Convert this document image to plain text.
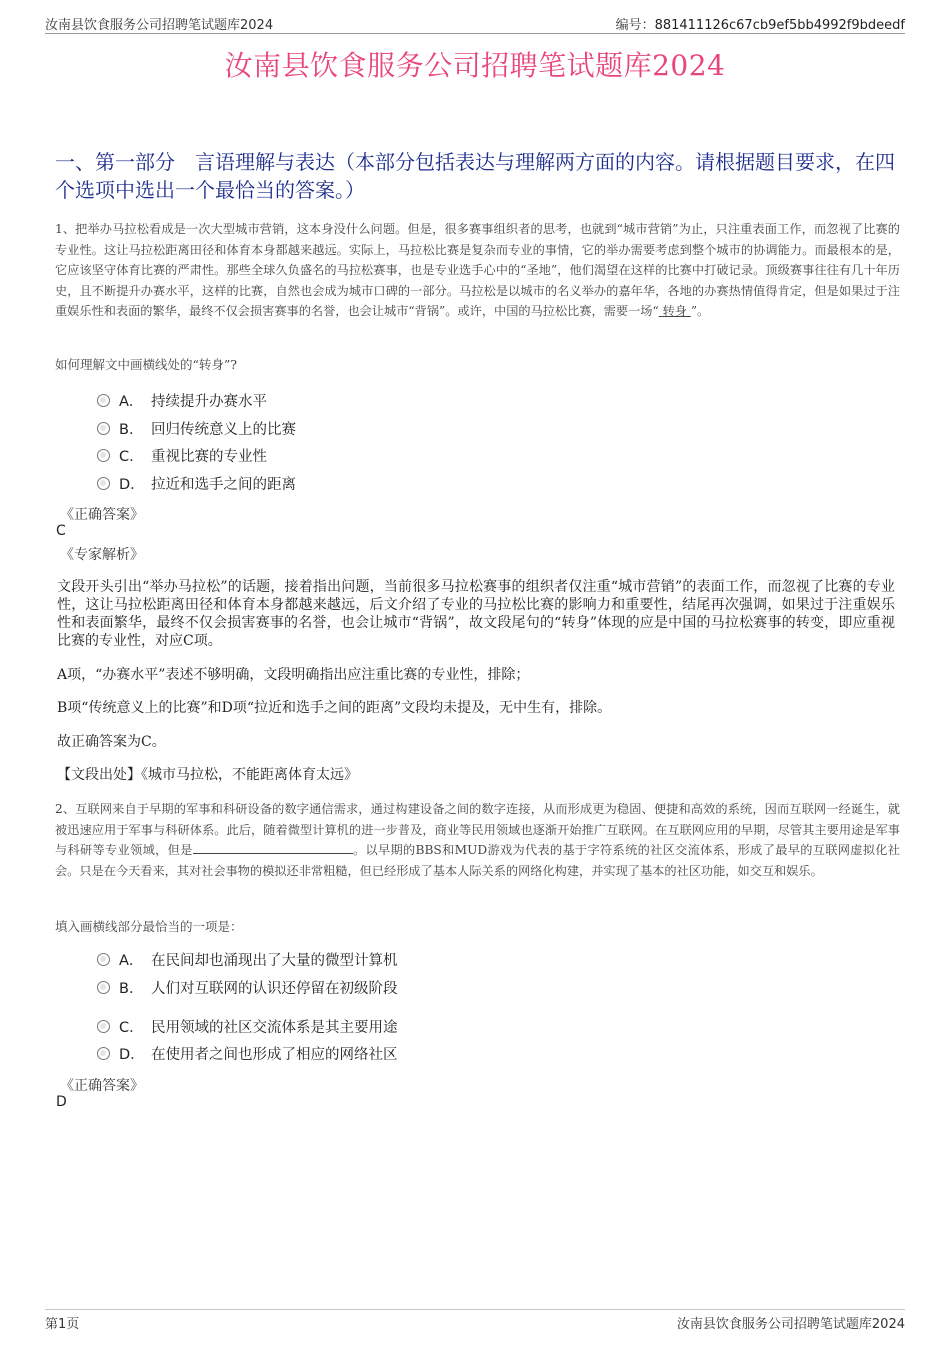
汝南县饮食服务公司招聘笔试题库2024	编号：881411126c67cb9ef5bb4992f9bdeedf
汝南县饮食服务公司招聘笔试题库2024
一、第一部分　言语理解与表达（本部分包括表达与理解两方面的内容。请根据题目要求，在四个选项中选出一个最恰当的答案。）
1、把举办马拉松看成是一次大型城市营销，这本身没什么问题。但是，很多赛事组织者的思考，也就到“城市营销”为止，只注重表面工作，而忽视了比赛的专业性。这让马拉松距离田径和体育本身都越来越远。实际上，马拉松比赛是复杂而专业的事情，它的举办需要考虑到整个城市的协调能力。而最根本的是，它应该坚守体育比赛的严肃性。那些全球久负盛名的马拉松赛事，也是专业选手心中的“圣地”，他们渴望在这样的比赛中打破记录。顶级赛事往往有几十年历史，且不断提升办赛水平，这样的比赛，自然也会成为城市口碑的一部分。马拉松是以城市的名义举办的嘉年华，各地的办赛热情值得肯定，但是如果过于注重娱乐性和表面的繁华，最终不仅会损害赛事的名誉，也会让城市“背锅”。或许，中国的马拉松比赛，需要一场“ 转身 ”。
如何理解文中画横线处的“转身”?
A． 持续提升办赛水平
B． 回归传统意义上的比赛
C． 重视比赛的专业性
D． 拉近和选手之间的距离
《正确答案》
C
《专家解析》
文段开头引出“举办马拉松”的话题，接着指出问题，当前很多马拉松赛事的组织者仅注重“城市营销”的表面工作，而忽视了比赛的专业性，这让马拉松距离田径和体育本身都越来越远，后文介绍了专业的马拉松比赛的影响力和重要性，结尾再次强调，如果过于注重娱乐性和表面繁华，最终不仅会损害赛事的名誉，也会让城市“背锅”，故文段尾句的“转身”体现的应是中国的马拉松赛事的转变，即应重视比赛的专业性，对应C项。
A项，“办赛水平”表述不够明确，文段明确指出应注重比赛的专业性，排除；
B项“传统意义上的比赛”和D项“拉近和选手之间的距离”文段均未提及，无中生有，排除。
故正确答案为C。
【文段出处】《城市马拉松，不能距离体育太远》
2、互联网来自于早期的军事和科研设备的数字通信需求，通过构建设备之间的数字连接，从而形成更为稳固、便捷和高效的系统，因而互联网一经诞生，就被迅速应用于军事与科研体系。此后，随着微型计算机的进一步普及，商业等民用领域也逐渐开始推广互联网。在互联网应用的早期，尽管其主要用途是军事与科研等专业领域，但是	。以早期的BBS和MUD游戏为代表的基于字符系统的社区交流体系，形成了最早的互联网虚拟化社会。只是在今天看来，其对社会事物的模拟还非常粗糙，但已经形成了基本人际关系的网络化构建，并实现了基本的社区功能，如交互和娱乐。
填入画横线部分最恰当的一项是：
A． 在民间却也涌现出了大量的微型计算机
B． 人们对互联网的认识还停留在初级阶段
C． 民用领域的社区交流体系是其主要用途
D． 在使用者之间也形成了相应的网络社区
《正确答案》
D
第1页	汝南县饮食服务公司招聘笔试题库2024
